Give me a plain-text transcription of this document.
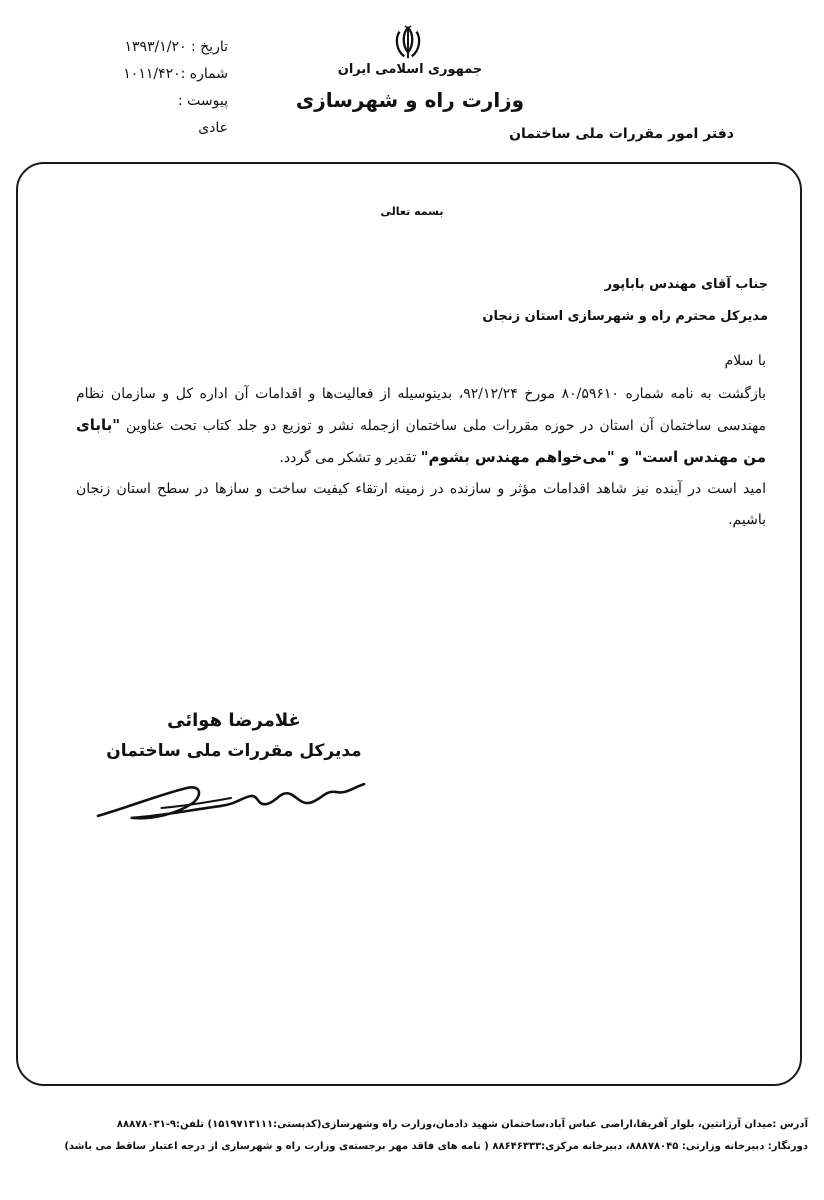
جمهوری اسلامی ایران
وزارت راه و شهرسازی
دفتر امور مقررات ملی ساختمان
تاریخ : ۱۳۹۳/۱/۲۰
شماره :۱۰۱۱/۴۲۰
پیوست :
عادی
بسمه تعالی
جناب آقای مهندس باباپور
مدیرکل محترم راه و شهرسازی استان زنجان

با سلام

بازگشت به نامه شماره ۸۰/۵۹۶۱۰ مورخ ۹۲/۱۲/۲۴، بدینوسیله از فعالیت‌ها و اقدامات آن اداره کل و سازمان نظام مهندسی ساختمان آن استان در حوزه مقررات ملی ساختمان ازجمله نشر و توزیع دو جلد کتاب تحت عناوین "بابای من مهندس است" و "می‌خواهم مهندس بشوم" تقدیر و تشکر می گردد.

امید است در آینده نیز شاهد اقدامات مؤثر و سازنده در زمینه ارتقاء کیفیت ساخت و سازها در سطح استان زنجان باشیم.

غلامرضا هوائی
مدیرکل مقررات ملی ساختمان
آدرس :میدان آرژانتین، بلوار آفریقا،اراضی عباس آباد،ساختمان شهید دادمان،وزارت راه وشهرسازی(کدپستی:۱۵۱۹۷۱۳۱۱۱) تلفن:۹-۸۸۸۷۸۰۳۱
دورنگار: دبیرخانه وزارتی: ۸۸۸۷۸۰۴۵، دبیرخانه مرکزی:۸۸۶۴۶۳۳۳ ( نامه های فاقد مهر برجسته‌ی وزارت راه و شهرسازی از درجه اعتبار ساقط می باشد)
